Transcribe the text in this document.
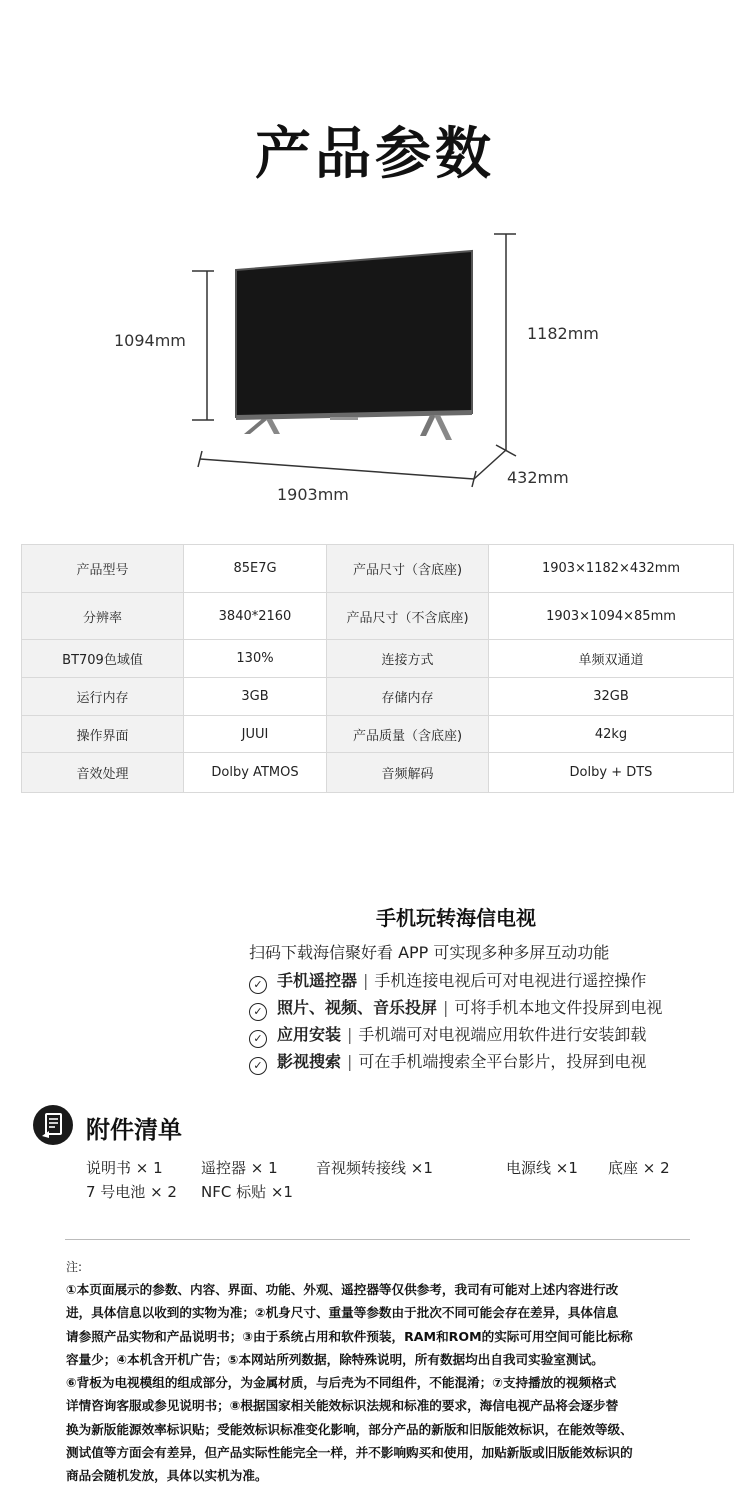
产品参数
1094mm	1182mm
432mm
1903mm
产品型号	85E7G	产品尺寸（含底座)	1903×1182×432mm
分辨率	3840*2160	产品尺寸（不含底座)	1903×1094×85mm
BT709色域值	130%	连接方式	单频双通道
运行内存	3GB	存储内存	32GB
操作界面	JUUI	产品质量（含底座)	42kg
音效处理	Dolby ATMOS	音频解码	Dolby + DTS
手机玩转海信电视
扫码下载海信聚好看 APP 可实现多种多屏互动功能
✓ 手机遥控器 | 手机连接电视后可对电视进行遥控操作
✓ 照片、视频、音乐投屏 | 可将手机本地文件投屏到电视
✓ 应用安装 | 手机端可对电视端应用软件进行安装卸载
✓ 影视搜索 | 可在手机端搜索全平台影片，投屏到电视
附件清单
说明书 × 1	遥控器 × 1	音视频转接线 ×1	电源线 ×1 底座 × 2
7 号电池 × 2 NFC 标贴 ×1
注:
①本页面展示的参数、内容、界面、功能、外观、遥控器等仅供参考，我司有可能对上述内容进行改
进，具体信息以收到的实物为准；②机身尺寸、重量等参数由于批次不同可能会存在差异，具体信息
请参照产品实物和产品说明书；③由于系统占用和软件预装，RAM和ROM的实际可用空间可能比标称
容量少；④本机含开机广告；⑤本网站所列数据，除特殊说明，所有数据均出自我司实验室测试。
⑥背板为电视模组的组成部分，为金属材质，与后壳为不同组件，不能混淆；⑦支持播放的视频格式
详情咨询客服或参见说明书；⑧根据国家相关能效标识法规和标准的要求，海信电视产品将会逐步替
换为新版能源效率标识贴；受能效标识标准变化影响，部分产品的新版和旧版能效标识，在能效等级、
测试值等方面会有差异，但产品实际性能完全一样，并不影响购买和使用，加贴新版或旧版能效标识的
商品会随机发放，具体以实机为准。
